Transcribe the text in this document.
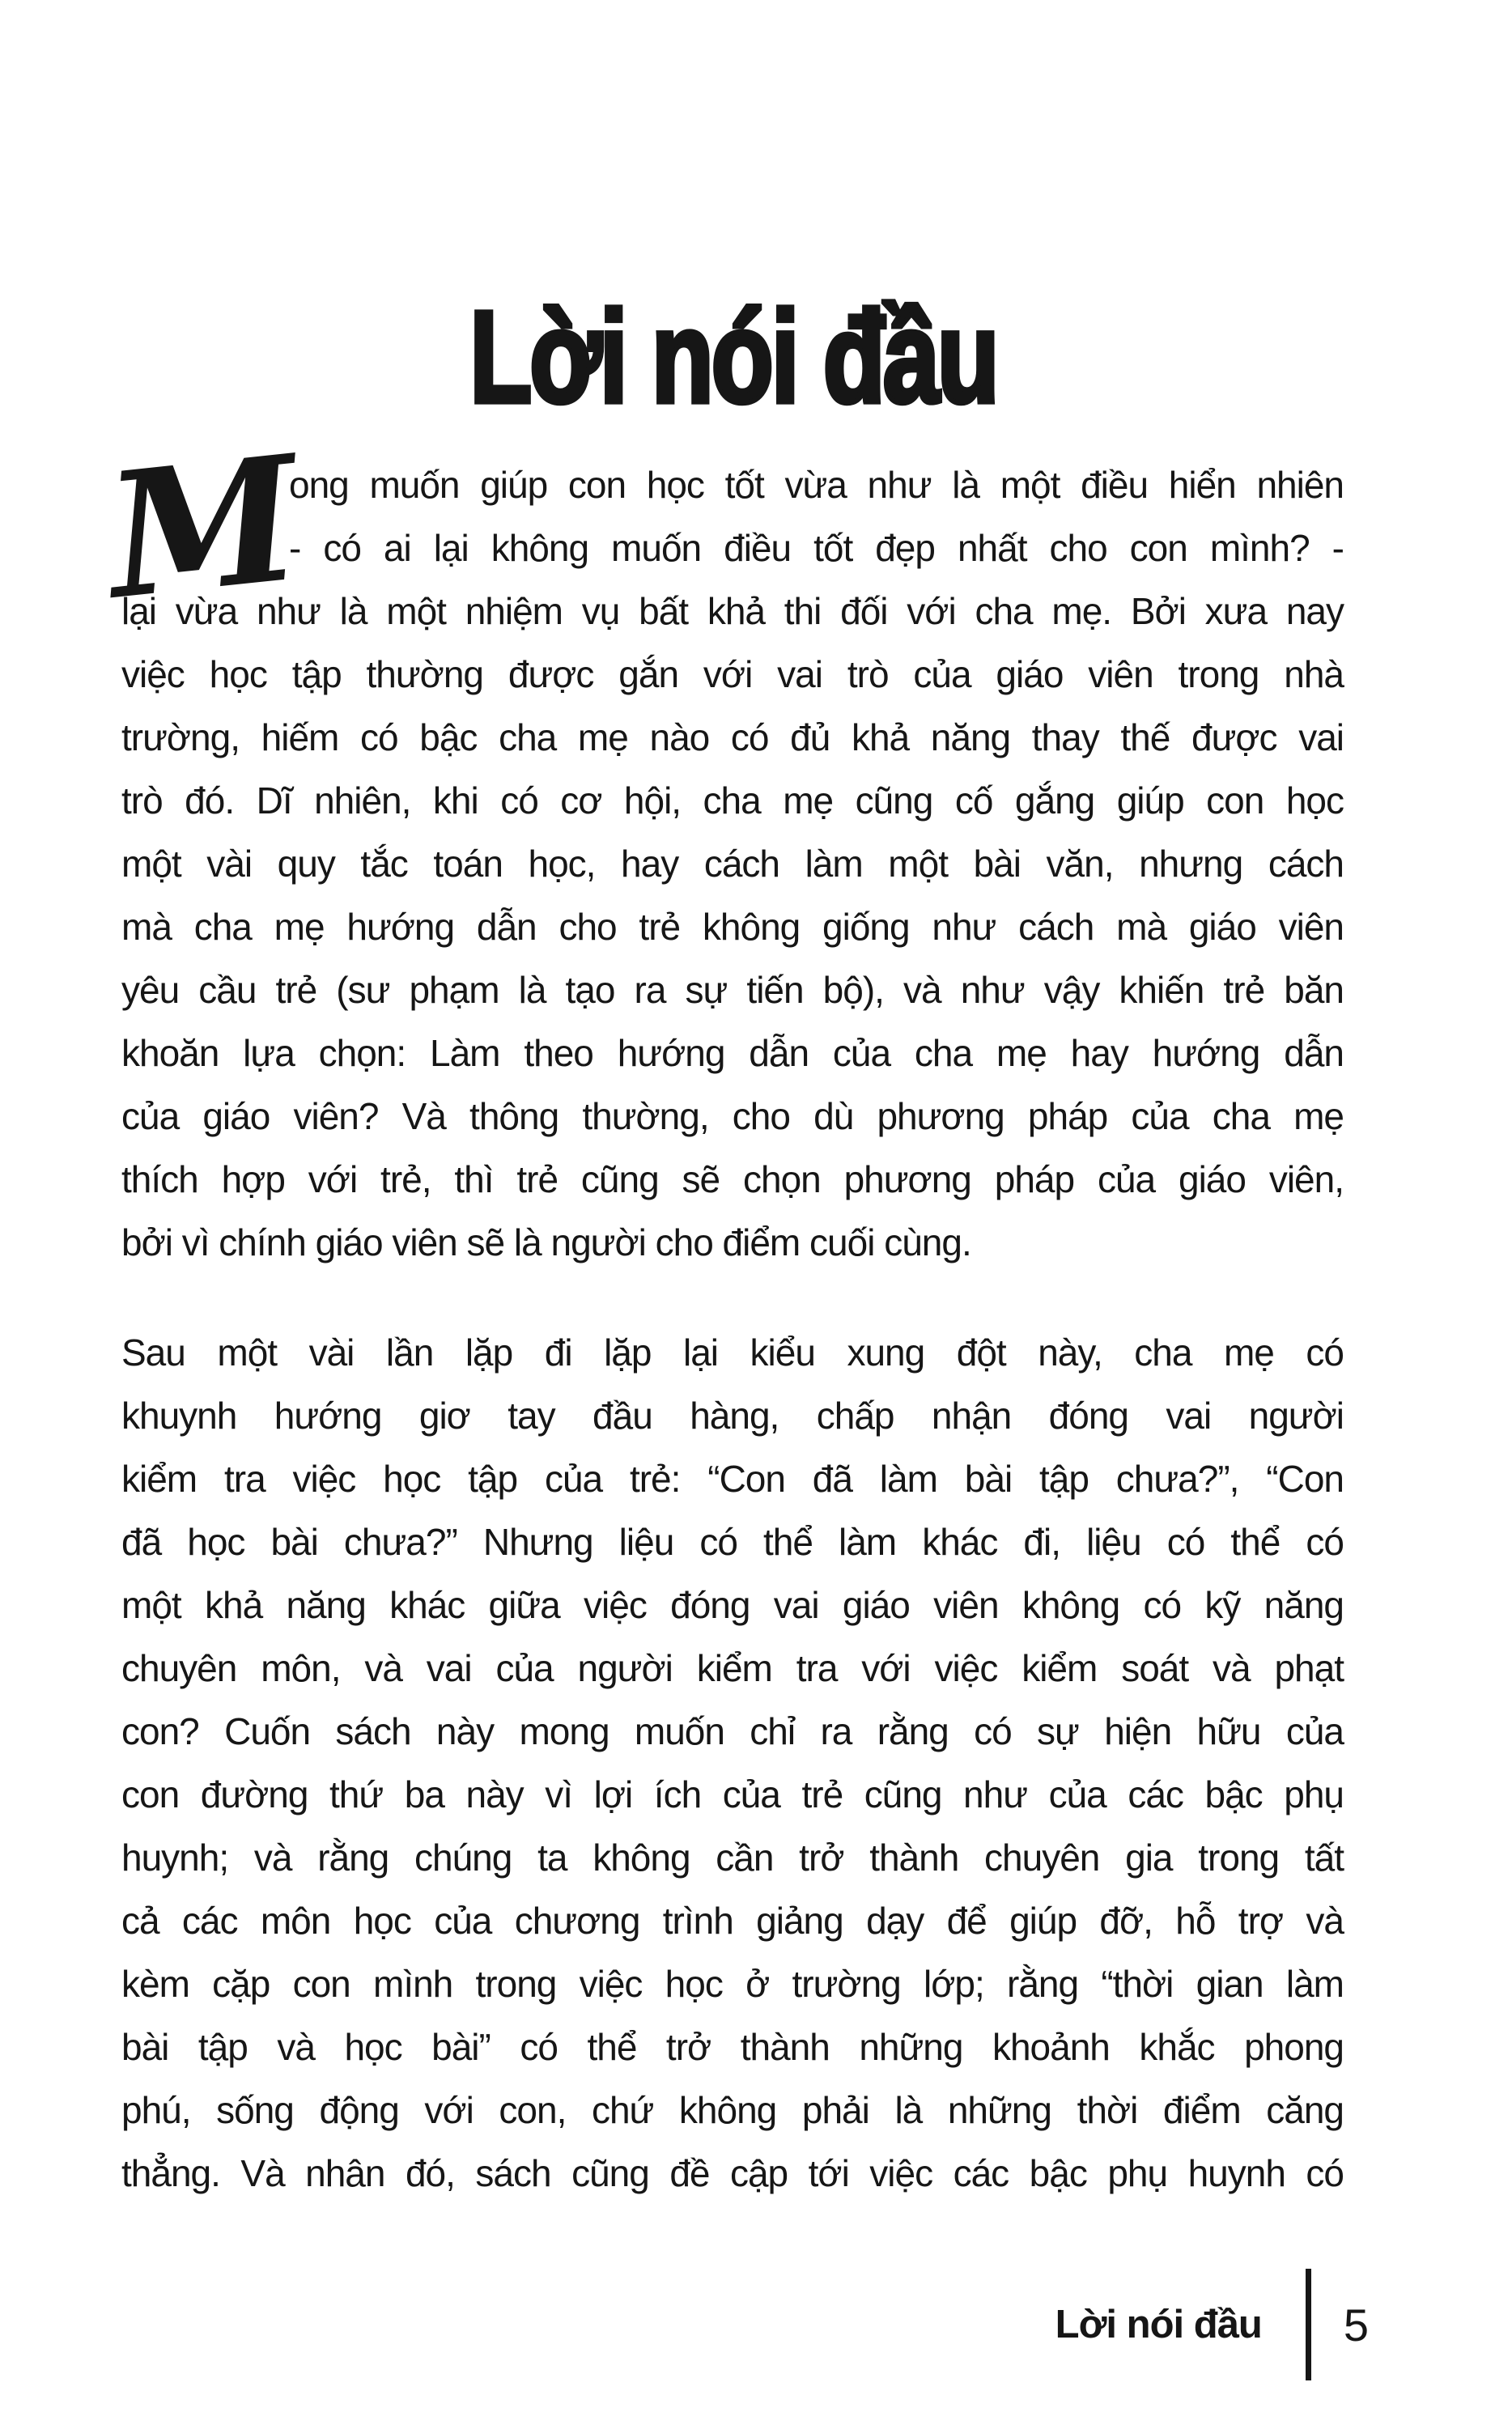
Lời nói đầu
M
ong muốn giúp con học tốt vừa như là một điều hiển nhiên
- có ai lại không muốn điều tốt đẹp nhất cho con mình? -
lại vừa như là một nhiệm vụ bất khả thi đối với cha mẹ. Bởi xưa nay
việc học tập thường được gắn với vai trò của giáo viên trong nhà
trường, hiếm có bậc cha mẹ nào có đủ khả năng thay thế được vai
trò đó. Dĩ nhiên, khi có cơ hội, cha mẹ cũng cố gắng giúp con học
một vài quy tắc toán học, hay cách làm một bài văn, nhưng cách
mà cha mẹ hướng dẫn cho trẻ không giống như cách mà giáo viên
yêu cầu trẻ (sư phạm là tạo ra sự tiến bộ), và như vậy khiến trẻ băn
khoăn lựa chọn: Làm theo hướng dẫn của cha mẹ hay hướng dẫn
của giáo viên? Và thông thường, cho dù phương pháp của cha mẹ
thích hợp với trẻ, thì trẻ cũng sẽ chọn phương pháp của giáo viên,
bởi vì chính giáo viên sẽ là người cho điểm cuối cùng.
Sau một vài lần lặp đi lặp lại kiểu xung đột này, cha mẹ có
khuynh hướng giơ tay đầu hàng, chấp nhận đóng vai người
kiểm tra việc học tập của trẻ: “Con đã làm bài tập chưa?”, “Con
đã học bài chưa?” Nhưng liệu có thể làm khác đi, liệu có thể có
một khả năng khác giữa việc đóng vai giáo viên không có kỹ năng
chuyên môn, và vai của người kiểm tra với việc kiểm soát và phạt
con? Cuốn sách này mong muốn chỉ ra rằng có sự hiện hữu của
con đường thứ ba này vì lợi ích của trẻ cũng như của các bậc phụ
huynh; và rằng chúng ta không cần trở thành chuyên gia trong tất
cả các môn học của chương trình giảng dạy để giúp đỡ, hỗ trợ và
kèm cặp con mình trong việc học ở trường lớp; rằng “thời gian làm
bài tập và học bài” có thể trở thành những khoảnh khắc phong
phú, sống động với con, chứ không phải là những thời điểm căng
thẳng. Và nhân đó, sách cũng đề cập tới việc các bậc phụ huynh có
Lời nói đầu 5
